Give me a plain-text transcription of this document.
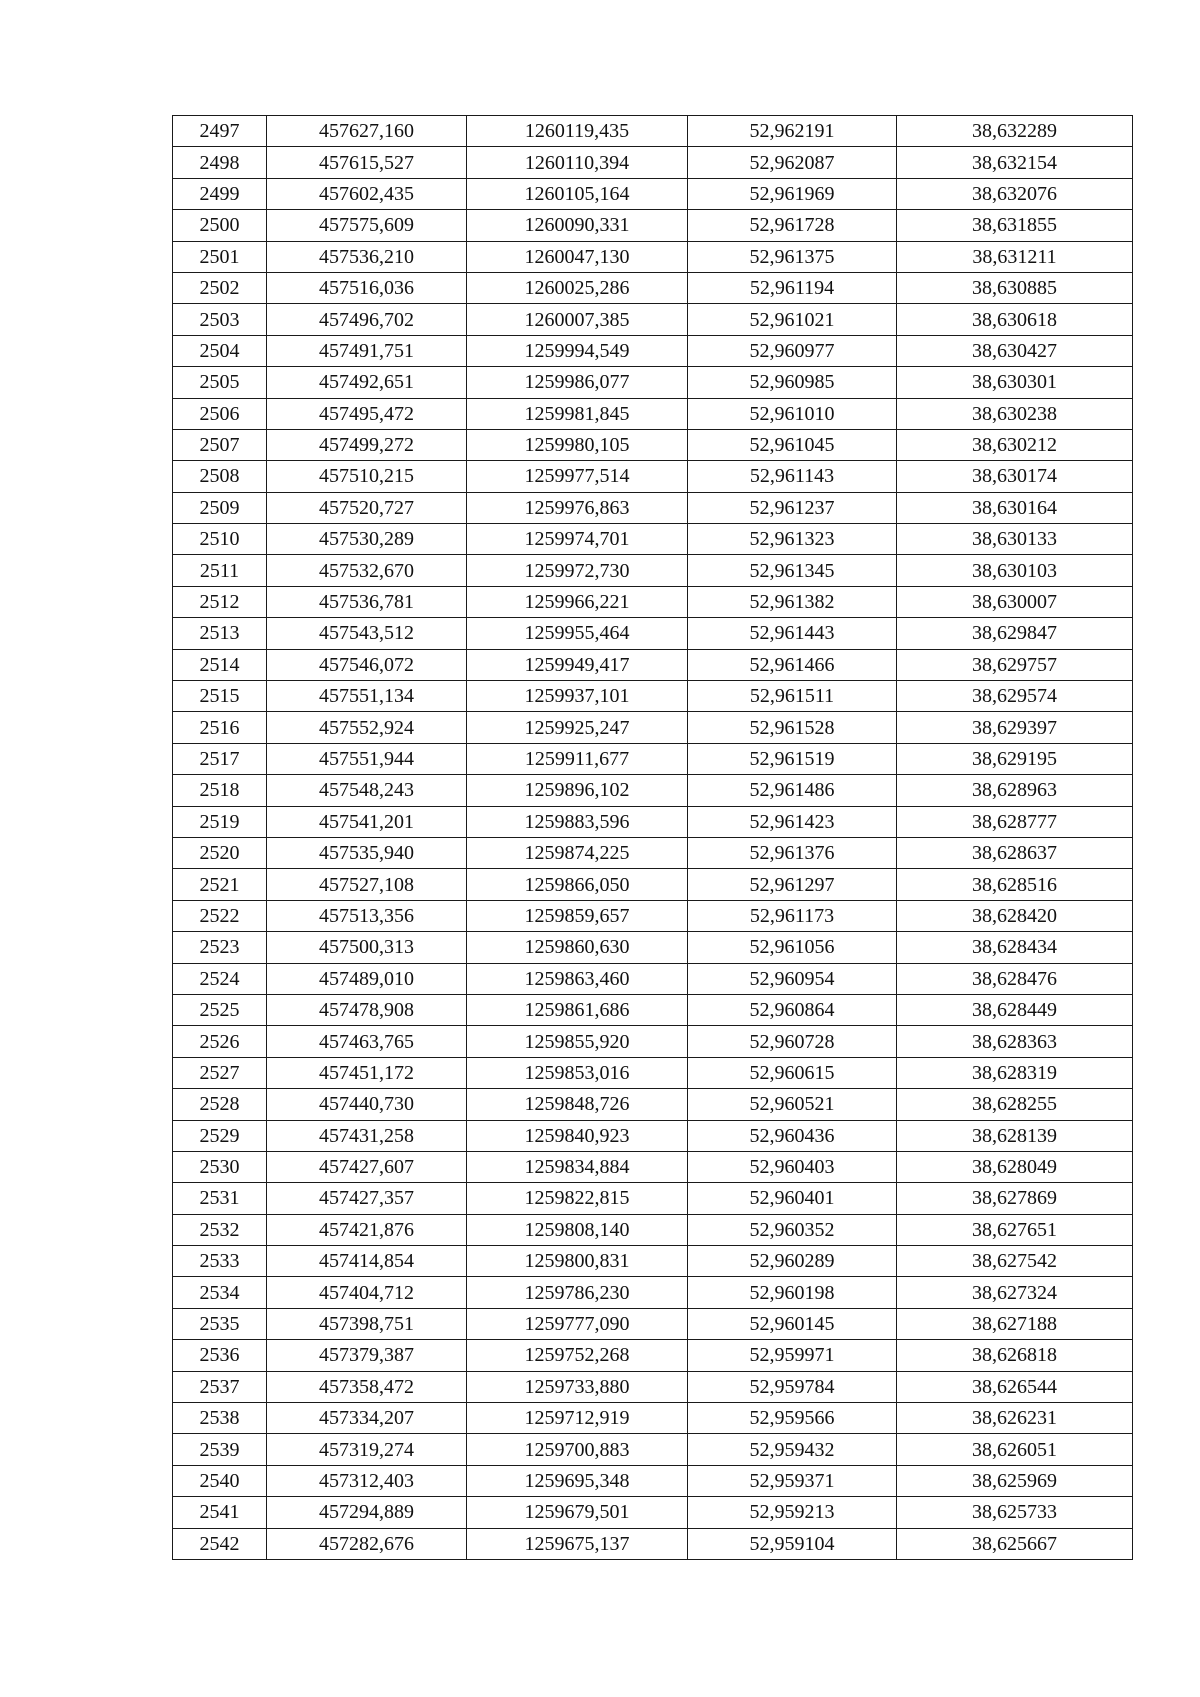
2497	457627,160	1260119,435	52,962191	38,632289
2498	457615,527	1260110,394	52,962087	38,632154
2499	457602,435	1260105,164	52,961969	38,632076
2500	457575,609	1260090,331	52,961728	38,631855
2501	457536,210	1260047,130	52,961375	38,631211
2502	457516,036	1260025,286	52,961194	38,630885
2503	457496,702	1260007,385	52,961021	38,630618
2504	457491,751	1259994,549	52,960977	38,630427
2505	457492,651	1259986,077	52,960985	38,630301
2506	457495,472	1259981,845	52,961010	38,630238
2507	457499,272	1259980,105	52,961045	38,630212
2508	457510,215	1259977,514	52,961143	38,630174
2509	457520,727	1259976,863	52,961237	38,630164
2510	457530,289	1259974,701	52,961323	38,630133
2511	457532,670	1259972,730	52,961345	38,630103
2512	457536,781	1259966,221	52,961382	38,630007
2513	457543,512	1259955,464	52,961443	38,629847
2514	457546,072	1259949,417	52,961466	38,629757
2515	457551,134	1259937,101	52,961511	38,629574
2516	457552,924	1259925,247	52,961528	38,629397
2517	457551,944	1259911,677	52,961519	38,629195
2518	457548,243	1259896,102	52,961486	38,628963
2519	457541,201	1259883,596	52,961423	38,628777
2520	457535,940	1259874,225	52,961376	38,628637
2521	457527,108	1259866,050	52,961297	38,628516
2522	457513,356	1259859,657	52,961173	38,628420
2523	457500,313	1259860,630	52,961056	38,628434
2524	457489,010	1259863,460	52,960954	38,628476
2525	457478,908	1259861,686	52,960864	38,628449
2526	457463,765	1259855,920	52,960728	38,628363
2527	457451,172	1259853,016	52,960615	38,628319
2528	457440,730	1259848,726	52,960521	38,628255
2529	457431,258	1259840,923	52,960436	38,628139
2530	457427,607	1259834,884	52,960403	38,628049
2531	457427,357	1259822,815	52,960401	38,627869
2532	457421,876	1259808,140	52,960352	38,627651
2533	457414,854	1259800,831	52,960289	38,627542
2534	457404,712	1259786,230	52,960198	38,627324
2535	457398,751	1259777,090	52,960145	38,627188
2536	457379,387	1259752,268	52,959971	38,626818
2537	457358,472	1259733,880	52,959784	38,626544
2538	457334,207	1259712,919	52,959566	38,626231
2539	457319,274	1259700,883	52,959432	38,626051
2540	457312,403	1259695,348	52,959371	38,625969
2541	457294,889	1259679,501	52,959213	38,625733
2542	457282,676	1259675,137	52,959104	38,625667
